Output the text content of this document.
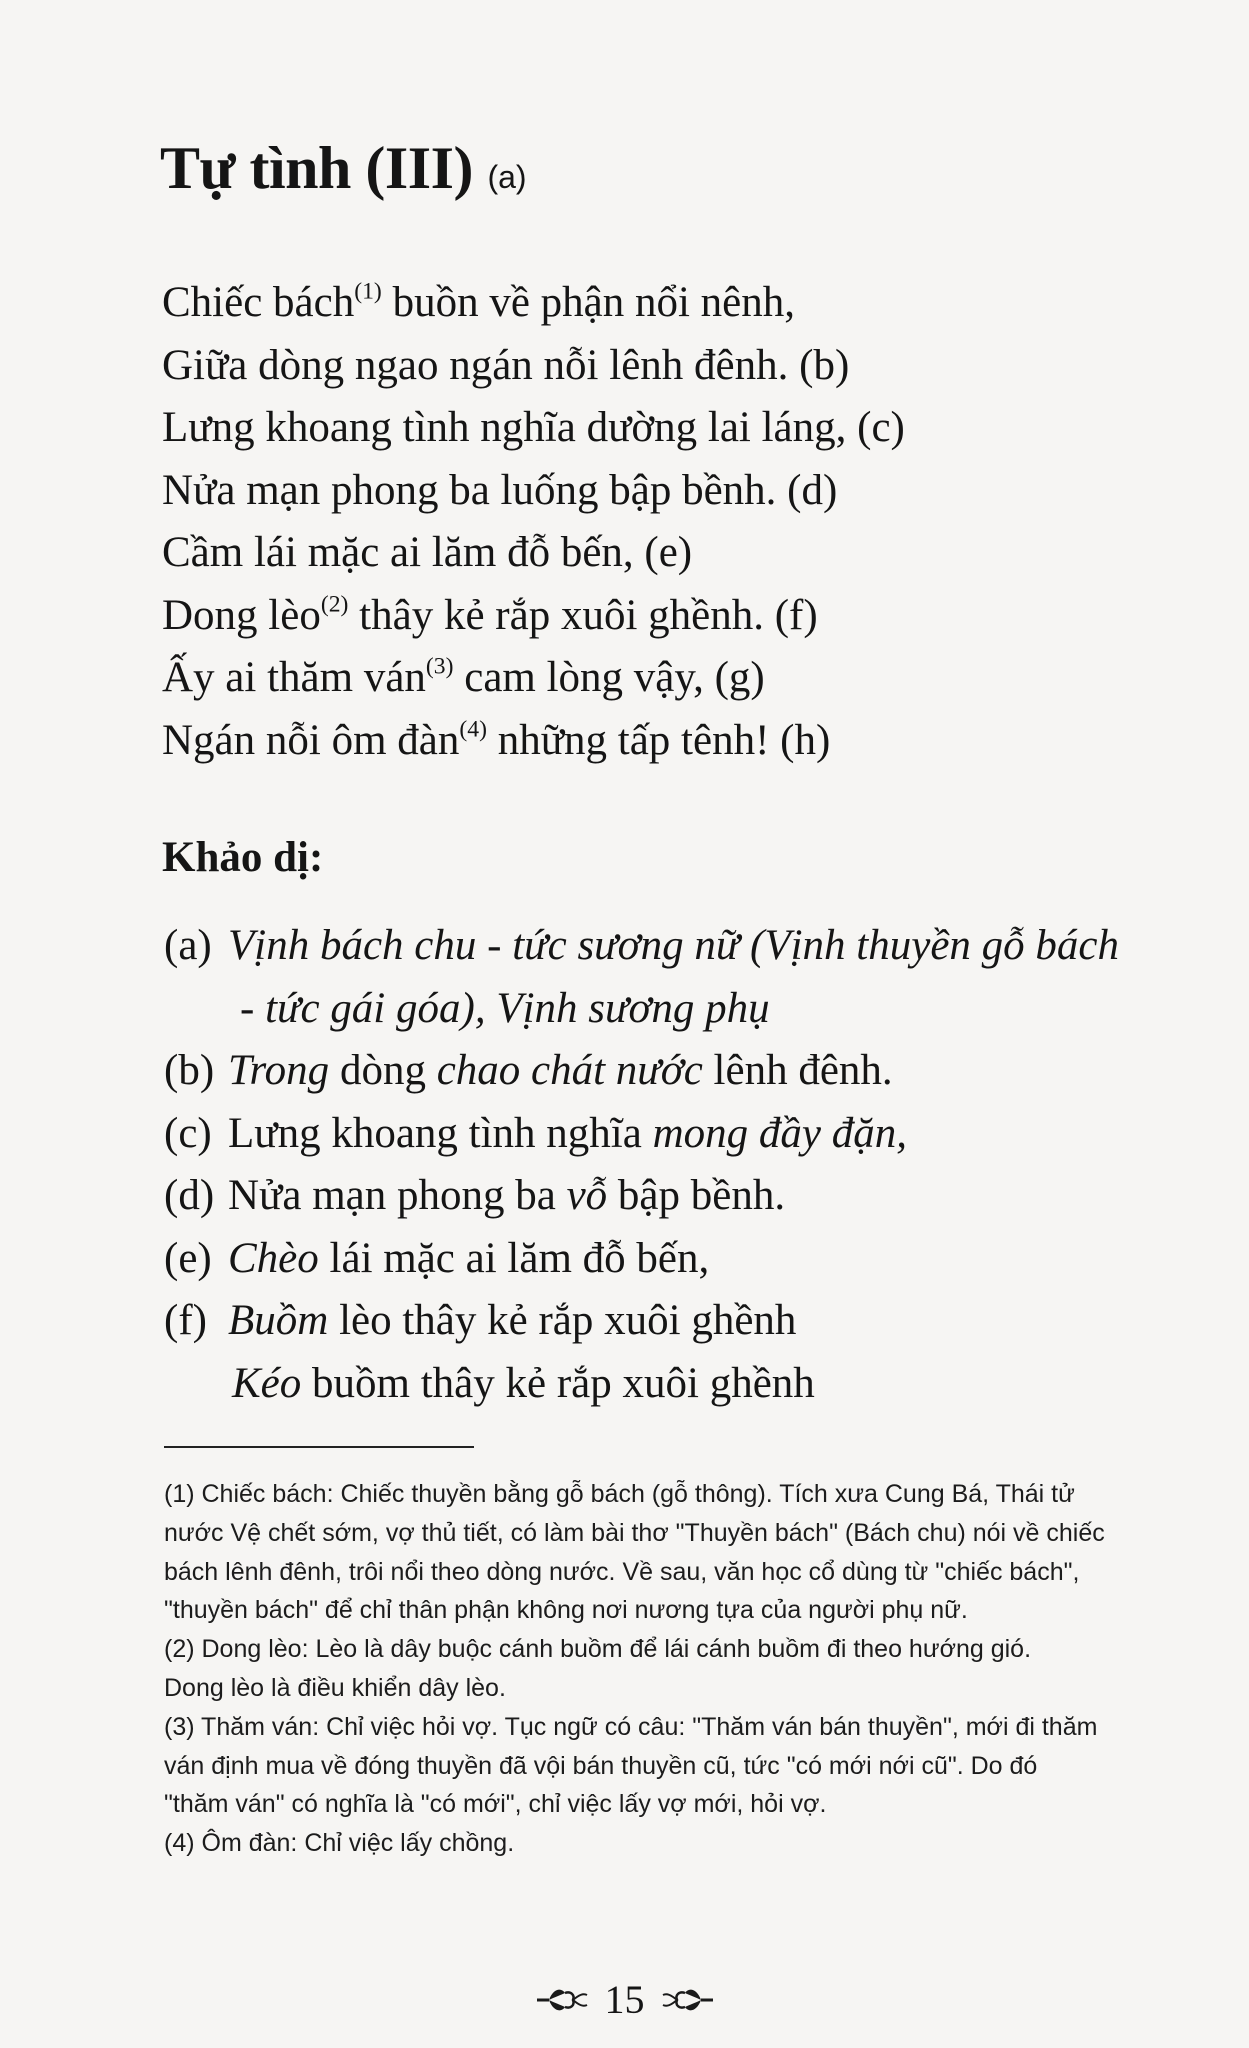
Tự tình (III) (a)
Chiếc bách$^{(1)}$ buồn về phận nổi nênh,
Giữa dòng ngao ngán nỗi lênh đênh. (b)
Lưng khoang tình nghĩa dường lai láng, (c)
Nửa mạn phong ba luống bập bềnh. (d)
Cầm lái mặc ai lăm đỗ bến, (e)
Dong lèo$^{(2)}$ thây kẻ rắp xuôi ghềnh. (f)
Ấy ai thăm ván$^{(3)}$ cam lòng vậy, (g)
Ngán nỗi ôm đàn$^{(4)}$ những tấp tênh! (h)
Khảo dị:
(a) Vịnh bách chu - tức sương nữ (Vịnh thuyền gỗ bách
- tức gái góa), Vịnh sương phụ
(b) Trong dòng chao chát nước lênh đênh.
(c) Lưng khoang tình nghĩa mong đầy đặn,
(d) Nửa mạn phong ba vỗ bập bềnh.
(e) Chèo lái mặc ai lăm đỗ bến,
(f) Buồm lèo thây kẻ rắp xuôi ghềnh
Kéo buồm thây kẻ rắp xuôi ghềnh
(1) Chiếc bách: Chiếc thuyền bằng gỗ bách (gỗ thông). Tích xưa Cung Bá, Thái tử
nước Vệ chết sớm, vợ thủ tiết, có làm bài thơ "Thuyền bách" (Bách chu) nói về chiếc
bách lênh đênh, trôi nổi theo dòng nước. Về sau, văn học cổ dùng từ "chiếc bách",
"thuyền bách" để chỉ thân phận không nơi nương tựa của người phụ nữ.
(2) Dong lèo: Lèo là dây buộc cánh buồm để lái cánh buồm đi theo hướng gió.
Dong lèo là điều khiển dây lèo.
(3) Thăm ván: Chỉ việc hỏi vợ. Tục ngữ có câu: "Thăm ván bán thuyền", mới đi thăm
ván định mua về đóng thuyền đã vội bán thuyền cũ, tức "có mới nới cũ". Do đó
"thăm ván" có nghĩa là "có mới", chỉ việc lấy vợ mới, hỏi vợ.
(4) Ôm đàn: Chỉ việc lấy chồng.
15
